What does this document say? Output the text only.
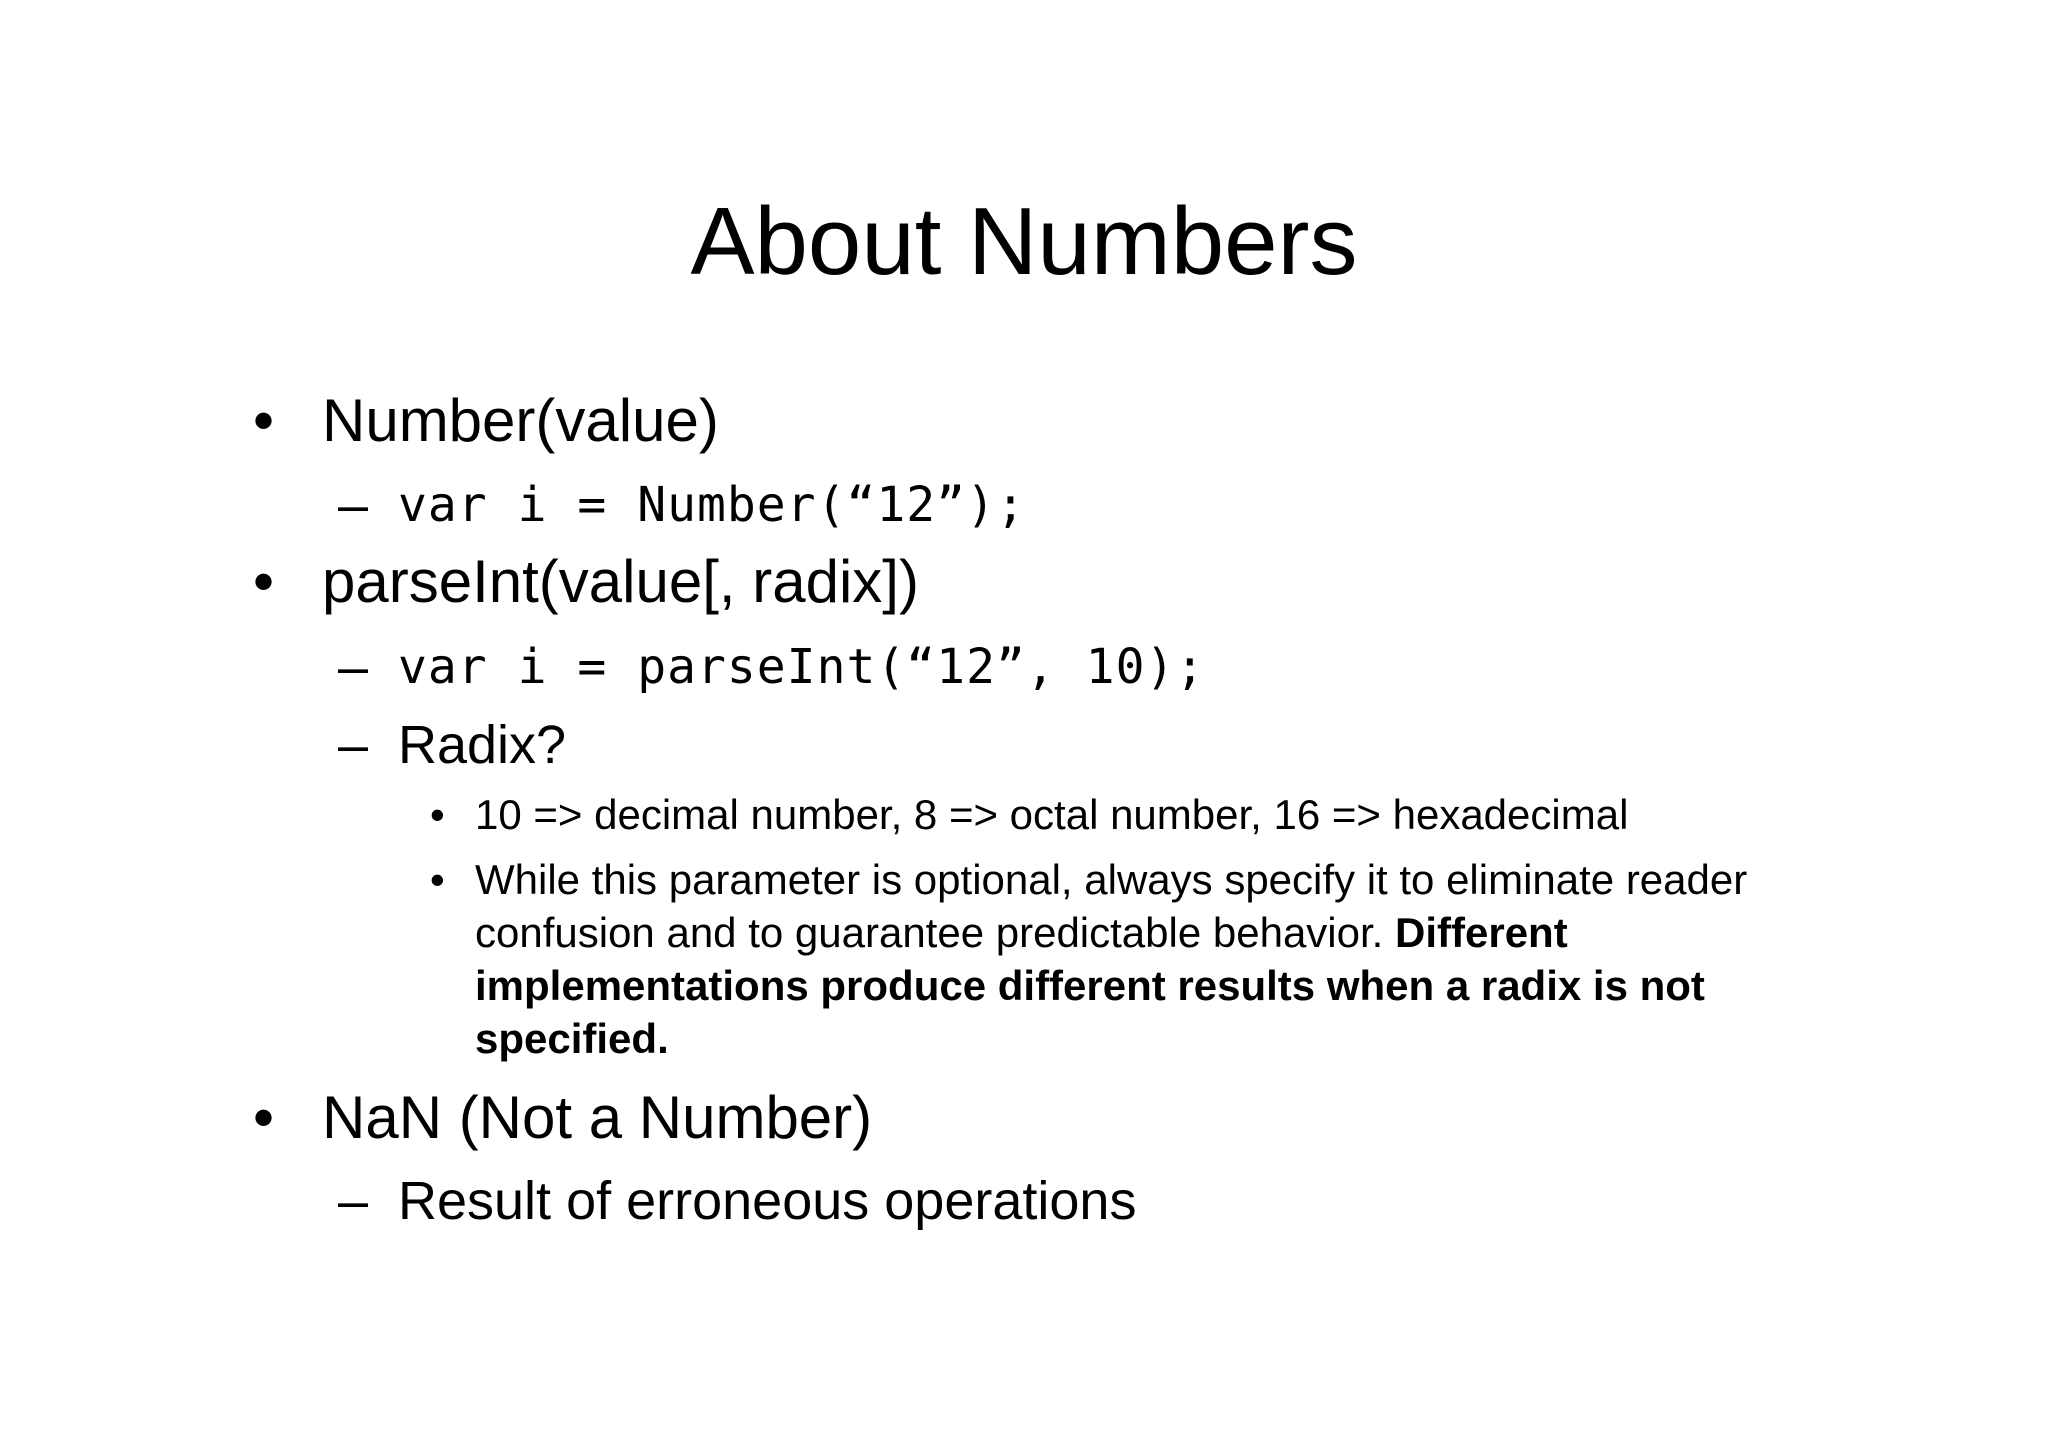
About Numbers
• Number(value)
– var i = Number(“12”);
• parseInt(value[, radix])
– var i = parseInt(“12”, 10);
– Radix?
• 10 => decimal number, 8 => octal number, 16 => hexadecimal
• While this parameter is optional, always specify it to eliminate reader confusion and to guarantee predictable behavior. Different implementations produce different results when a radix is not specified.
• NaN (Not a Number)
– Result of erroneous operations
